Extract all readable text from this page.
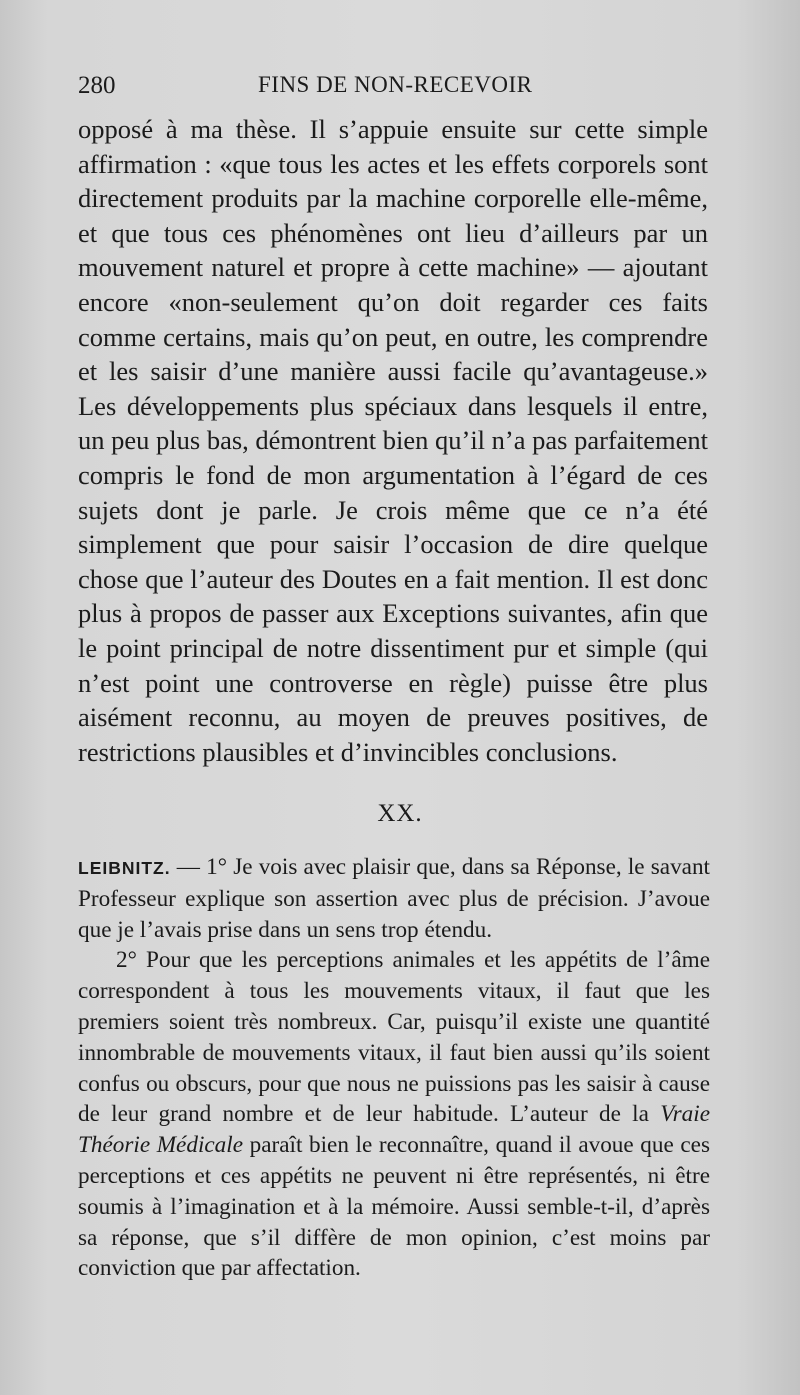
280	FINS DE NON-RECEVOIR

opposé à ma thèse. Il s’appuie ensuite sur cette simple affirmation : «que tous les actes et les effets corporels sont directement produits par la machine corporelle elle-même, et que tous ces phénomènes ont lieu d’ailleurs par un mouvement naturel et propre à cette machine» — ajoutant encore «non-seulement qu’on doit regarder ces faits comme certains, mais qu’on peut, en outre, les comprendre et les saisir d’une manière aussi facile qu’avantageuse.» Les développements plus spéciaux dans lesquels il entre, un peu plus bas, démontrent bien qu’il n’a pas parfaitement compris le fond de mon argumentation à l’égard de ces sujets dont je parle. Je crois même que ce n’a été simplement que pour saisir l’occasion de dire quelque chose que l’auteur des Doutes en a fait mention. Il est donc plus à propos de passer aux Exceptions suivantes, afin que le point principal de notre dissentiment pur et simple (qui n’est point une controverse en règle) puisse être plus aisément reconnu, au moyen de preuves positives, de restrictions plausibles et d’invincibles conclusions.

XX.

LEIBNITZ. — 1° Je vois avec plaisir que, dans sa Réponse, le savant Professeur explique son assertion avec plus de précision. J’avoue que je l’avais prise dans un sens trop étendu.

2° Pour que les perceptions animales et les appétits de l’âme correspondent à tous les mouvements vitaux, il faut que les premiers soient très nombreux. Car, puisqu’il existe une quantité innombrable de mouvements vitaux, il faut bien aussi qu’ils soient confus ou obscurs, pour que nous ne puissions pas les saisir à cause de leur grand nombre et de leur habitude. L’auteur de la Vraie Théorie Médicale paraît bien le reconnaître, quand il avoue que ces perceptions et ces appétits ne peuvent ni être représentés, ni être soumis à l’imagination et à la mémoire. Aussi semble-t-il, d’après sa réponse, que s’il diffère de mon opinion, c’est moins par conviction que par affectation.
